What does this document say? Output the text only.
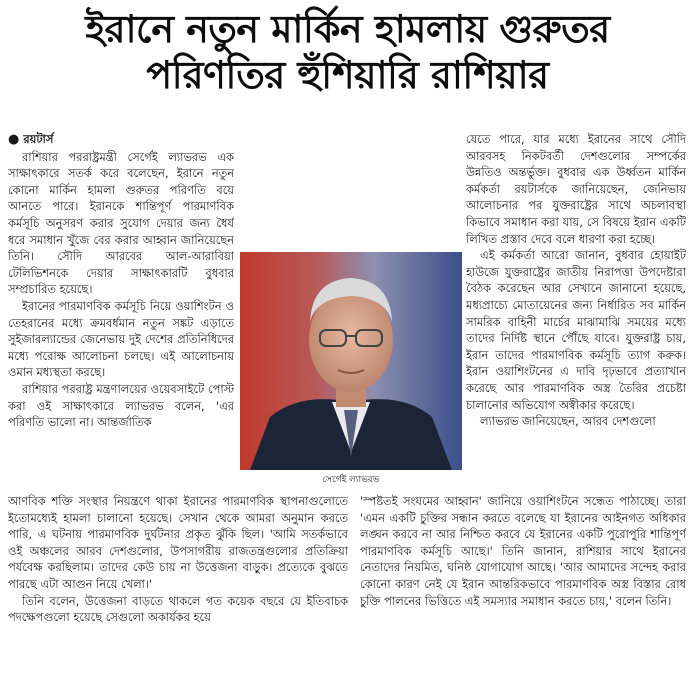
ইরানে নতুন মার্কিন হামলায় গুরুতর
পরিণতির হুঁশিয়ারি রাশিয়ার

● রয়টার্স

রাশিয়ার পররাষ্ট্রমন্ত্রী সের্গেই ল্যাভরভ এক সাক্ষাৎকারে সতর্ক করে বলেছেন, ইরানে নতুন কোনো মার্কিন হামলা গুরুতর পরিণতি বয়ে আনতে পারে। ইরানকে শান্তিপূর্ণ পারমাণবিক কর্মসূচি অনুসরণ করার সুযোগ দেয়ার জন্য ধৈর্য ধরে সমাধান খুঁজে বের করার আহ্বান জানিয়েছেন তিনি। সৌদি আরবের আল-আরাবিয়া টেলিভিশনকে দেয়ার সাক্ষাৎকারটি বুধবার সম্প্রচারিত হয়েছে।

ইরানের পারমাণবিক কর্মসূচি নিয়ে ওয়াশিংটন ও তেহরানের মধ্যে ক্রমবর্ধমান নতুন সঙ্কট এড়াতে সুইজারল্যান্ডের জেনেভায় দুই দেশের প্রতিনিধিদের মধ্যে পরোক্ষ আলোচনা চলছে। এই আলোচনায় ওমান মধ্যস্থতা করছে।

রাশিয়ার পররাষ্ট্র মন্ত্রণালয়ের ওয়েবসাইটে পোস্ট করা ওই সাক্ষাৎকারে ল্যাভরভ বলেন, 'এর পরিণতি ভালো না। আন্তর্জাতিক

যেতে পারে, যার মধ্যে ইরানের সাথে সৌদি আরবসহ নিকটবর্তী দেশগুলোর সম্পর্কের উন্নতিও অন্তর্ভুক্ত। বুধবার এক উর্ধ্বতন মার্কিন কর্মকর্তা রয়টার্সকে জানিয়েছেন, জেনিভায় আলোচনার পর যুক্তরাষ্ট্রের সাথে অচলাবস্থা কিভাবে সমাধান করা যায়, সে বিষয়ে ইরান একটি লিখিত প্রস্তাব দেবে বলে ধারণা করা হচ্ছে।

এই কর্মকর্তা আরো জানান, বুধবার হোয়াইট হাউজে যুক্তরাষ্ট্রের জাতীয় নিরাপত্তা উপদেষ্টারা বৈঠক করেছেন আর সেখানে জানানো হয়েছে, মধ্যপ্রাচ্যে মোতায়েনের জন্য নির্ধারিত সব মার্কিন সামরিক বাহিনী মার্চের মাঝামাঝি সময়ের মধ্যে তাদের নির্দিষ্ট স্থানে পৌঁছে যাবে। যুক্তরাষ্ট্র চায়, ইরান তাদের পারমাণবিক কর্মসূচি ত্যাগ করুক। ইরান ওয়াশিংটনের এ দাবি দৃঢ়ভাবে প্রত্যাখান করেছে আর পারমাণবিক অস্ত্র তৈরির প্রচেষ্টা চালানোর অভিযোগ অস্বীকার করেছে।

ল্যাভরভ জানিয়েছেন, আরব দেশগুলো

সের্গেই ল্যাভরভ

আণবিক শক্তি সংস্থার নিয়ন্ত্রণে থাকা ইরানের পারমাণবিক স্থাপনাগুলোতে ইতোমধ্যেই হামলা চালানো হয়েছে। সেখান থেকে আমরা অনুমান করতে পারি, এ ঘটনায় পারমাণবিক দুর্ঘটনার প্রকৃত ঝুঁকি ছিল। 'আমি সতর্কভাবে ওই অঞ্চলের আরব দেশগুলোর, উপসাগরীয় রাজতন্ত্রগুলোর প্রতিক্রিয়া পর্যবেক্ষ করছিলাম। তাদের কেউ চায় না উত্তেজনা বাড়ুক। প্রত্যেকে বুঝতে পারছে এটা আগুন নিয়ে খেলা।'

তিনি বলেন, উত্তেজনা বাড়তে থাকলে গত কয়েক বছরে যে ইতিবাচক পদক্ষেপগুলো হয়েছে সেগুলো অকার্যকর হয়ে

'স্পষ্টতই সংযমের আহ্বান' জানিয়ে ওয়াশিংটনে সন্ধেত পাঠাচ্ছে। তারা 'এমন একটি চুক্তির সন্ধান করতে বলেছে যা ইরানের আইনগত অধিকার লঙ্ঘন করবে না আর নিশ্চিত করবে যে ইরানের একটি পুরোপুরি শান্তিপূর্ণ পারমাণবিক কর্মসূচি আছে।' তিনি জানান, রাশিয়ার সাথে ইরানের নেতাদের নিয়মিত, ঘনিষ্ঠ যোগাযোগ আছে। 'আর আমাদের সন্দেহ করার কোনো কারণ নেই যে ইরান আন্তরিকভাবে পারমাণবিক অস্ত্র বিস্তার রোধ চুক্তি পালনের ভিত্তিতে এই সমস্যার সমাধান করতে চায়,' বলেন তিনি।
